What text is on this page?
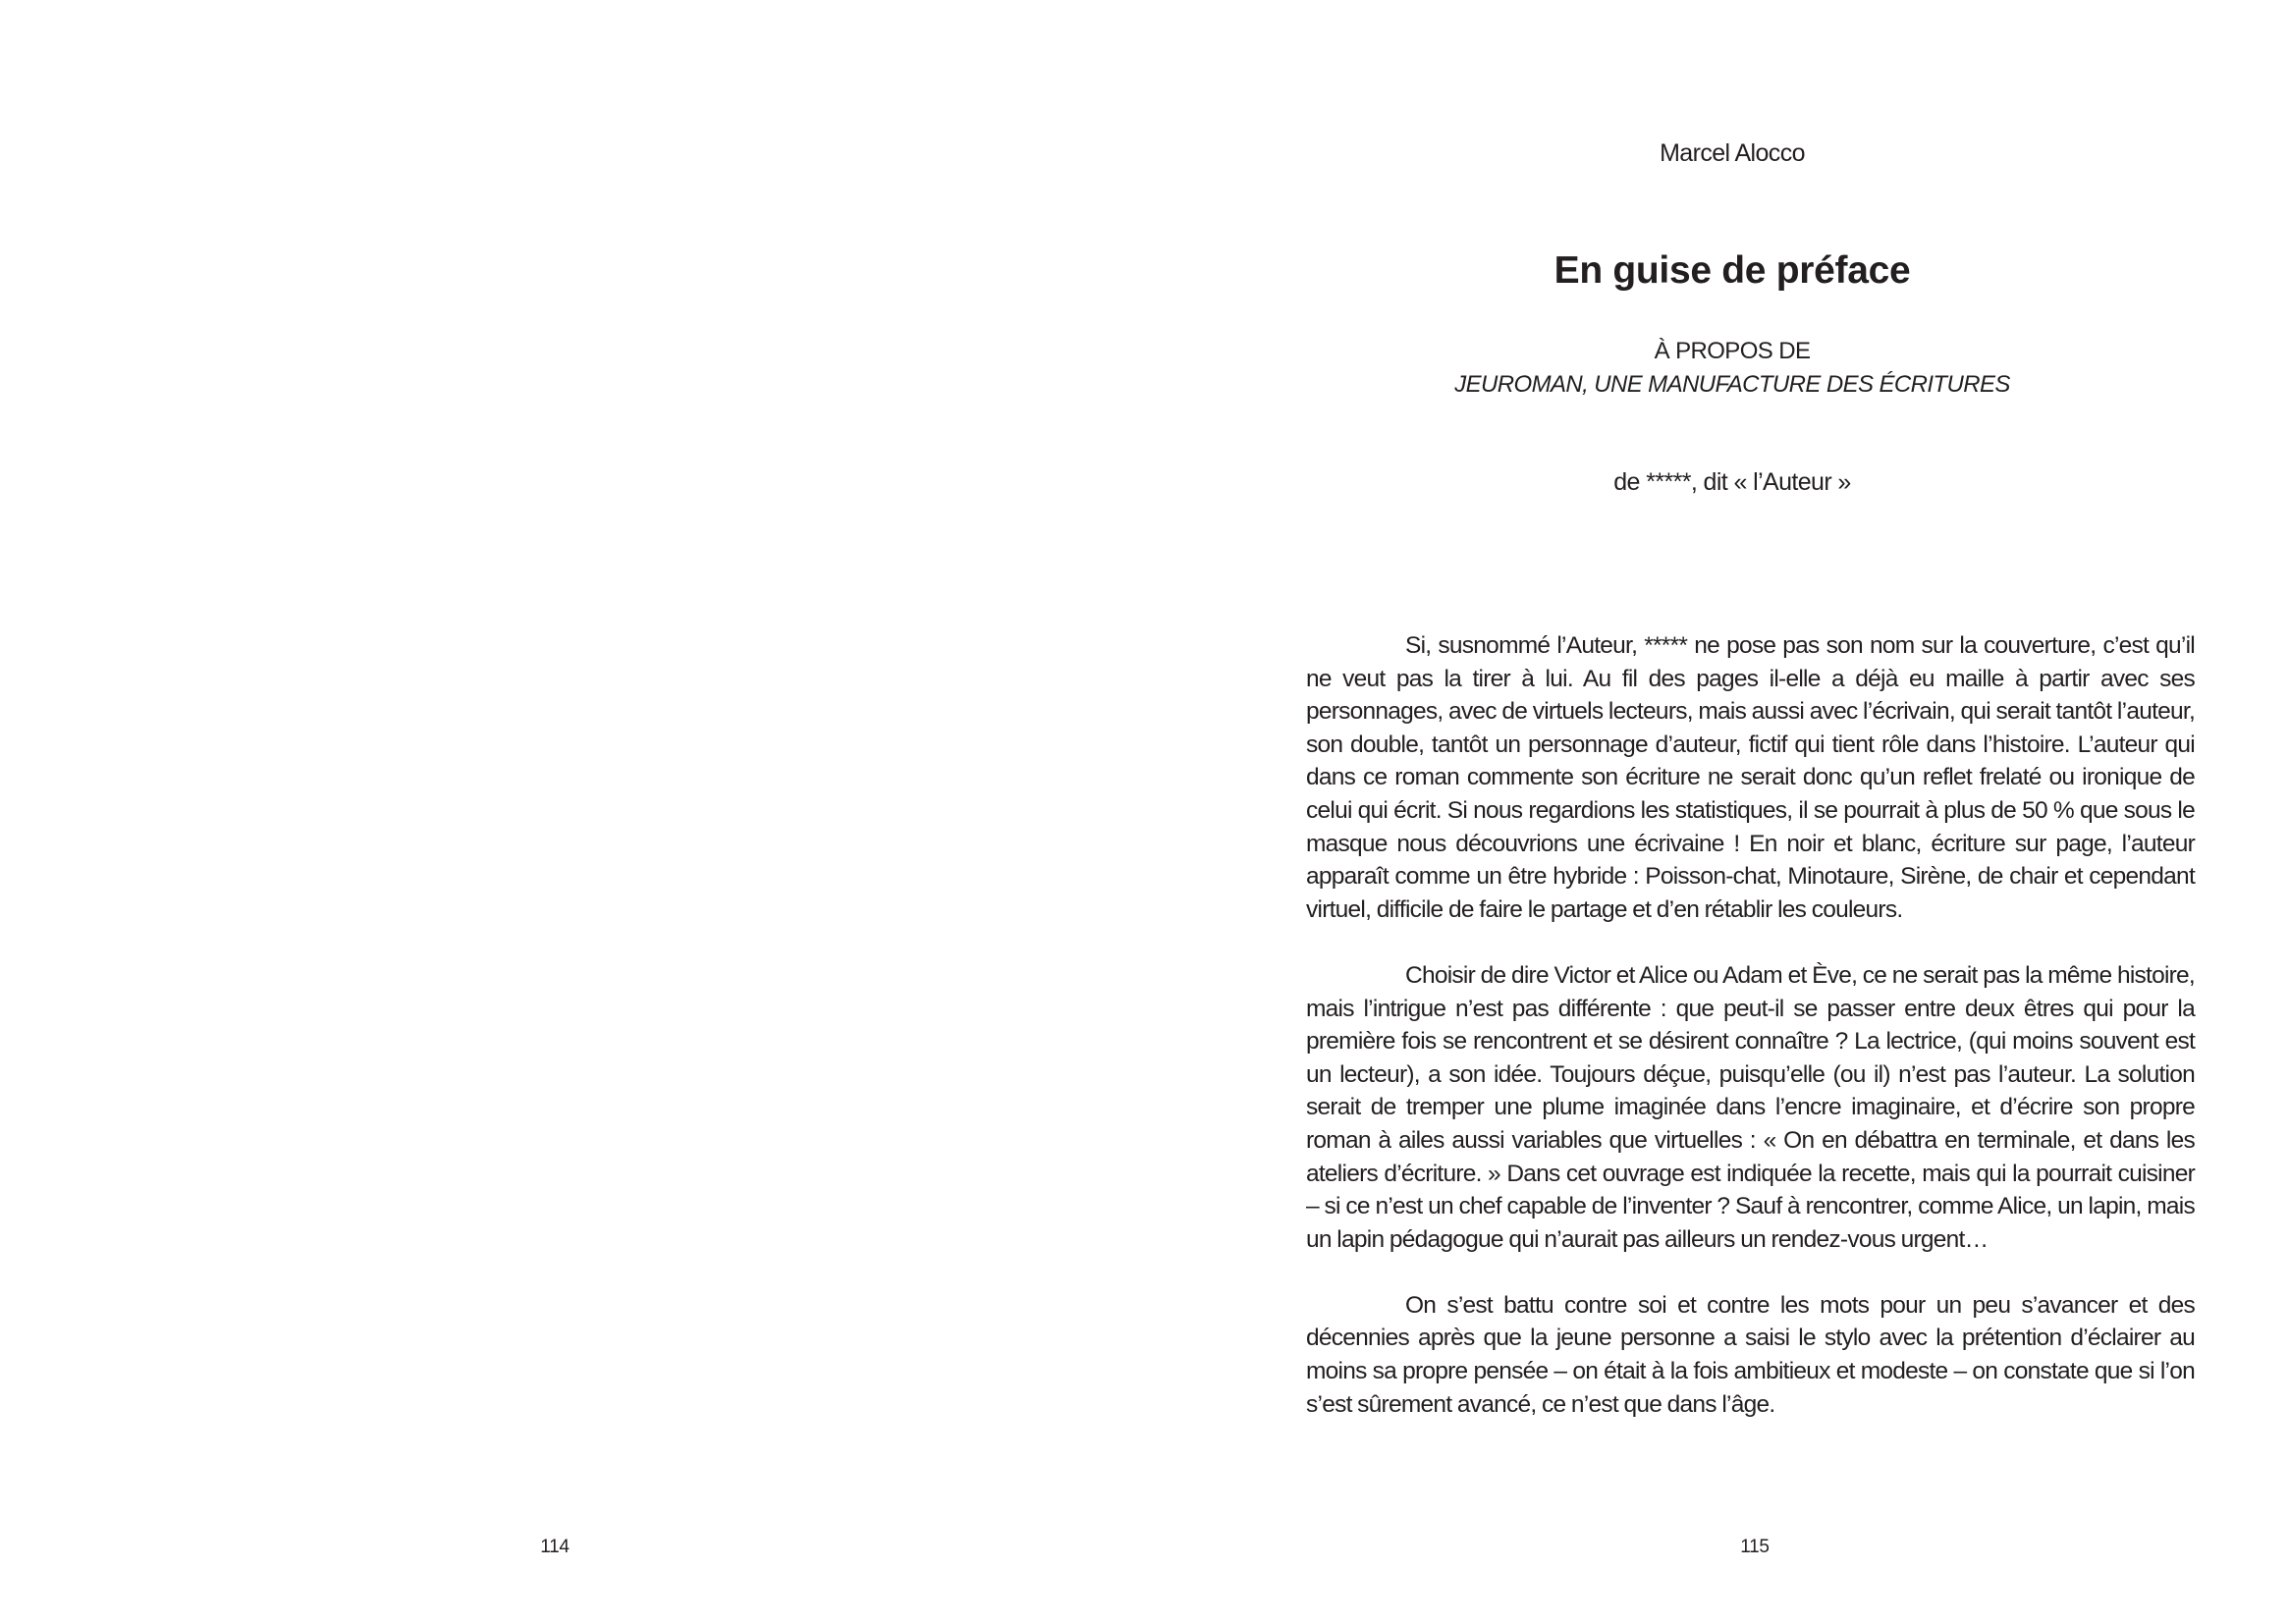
114
Marcel Alocco
En guise de préface
À PROPOS DE
JEUROMAN, UNE MANUFACTURE DES ÉCRITURES
de *****, dit « l’Auteur »

Si, susnommé l’Auteur, ***** ne pose pas son nom sur la couverture, c’est qu’il ne veut pas la tirer à lui. Au fil des pages il-elle a déjà eu maille à partir avec ses personnages, avec de virtuels lecteurs, mais aussi avec l’écrivain, qui serait tantôt l’auteur, son double, tantôt un personnage d’auteur, fictif qui tient rôle dans l’histoire. L’auteur qui dans ce roman commente son écriture ne serait donc qu’un reflet frelaté ou ironique de celui qui écrit. Si nous regardions les statistiques, il se pourrait à plus de 50 % que sous le masque nous découvrions une écrivaine ! En noir et blanc, écriture sur page, l’auteur apparaît comme un être hybride : Poisson-chat, Minotaure, Sirène, de chair et cependant virtuel, difficile de faire le partage et d’en rétablir les couleurs.

Choisir de dire Victor et Alice ou Adam et Ève, ce ne serait pas la même histoire, mais l’intrigue n’est pas différente : que peut-il se passer entre deux êtres qui pour la première fois se rencontrent et se désirent connaître ? La lectrice, (qui moins souvent est un lecteur), a son idée. Toujours déçue, puisqu’elle (ou il) n’est pas l’auteur. La solution serait de tremper une plume imaginée dans l’encre imaginaire, et d’écrire son propre roman à ailes aussi variables que virtuelles : « On en débattra en terminale, et dans les ateliers d’écriture. » Dans cet ouvrage est indiquée la recette, mais qui la pourrait cuisiner – si ce n’est un chef capable de l’inventer ? Sauf à rencontrer, comme Alice, un lapin, mais un lapin pédagogue qui n’aurait pas ailleurs un rendez-vous urgent…

On s’est battu contre soi et contre les mots pour un peu s’avancer et des décennies après que la jeune personne a saisi le stylo avec la prétention d’éclairer au moins sa propre pensée – on était à la fois ambitieux et modeste – on constate que si l’on s’est sûrement avancé, ce n’est que dans l’âge.

115
